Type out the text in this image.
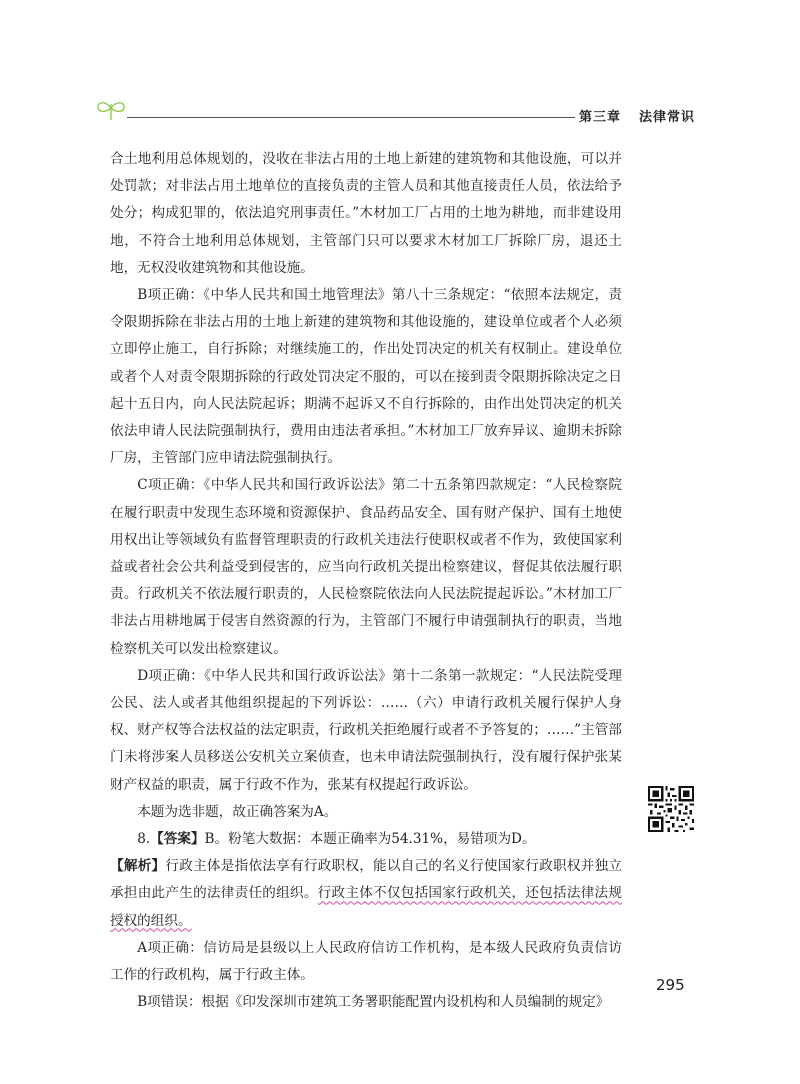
第三章 法律常识

合土地利用总体规划的，没收在非法占用的土地上新建的建筑物和其他设施，可以并处罚款；对非法占用土地单位的直接负责的主管人员和其他直接责任人员，依法给予处分；构成犯罪的，依法追究刑事责任。”木材加工厂占用的土地为耕地，而非建设用地，不符合土地利用总体规划，主管部门只可以要求木材加工厂拆除厂房，退还土地，无权没收建筑物和其他设施。

B项正确：《中华人民共和国土地管理法》第八十三条规定：“依照本法规定，责令限期拆除在非法占用的土地上新建的建筑物和其他设施的，建设单位或者个人必须立即停止施工，自行拆除；对继续施工的，作出处罚决定的机关有权制止。建设单位或者个人对责令限期拆除的行政处罚决定不服的，可以在接到责令限期拆除决定之日起十五日内，向人民法院起诉；期满不起诉又不自行拆除的，由作出处罚决定的机关依法申请人民法院强制执行，费用由违法者承担。”木材加工厂放弃异议、逾期未拆除厂房，主管部门应申请法院强制执行。

C项正确：《中华人民共和国行政诉讼法》第二十五条第四款规定：“人民检察院在履行职责中发现生态环境和资源保护、食品药品安全、国有财产保护、国有土地使用权出让等领域负有监督管理职责的行政机关违法行使职权或者不作为，致使国家利益或者社会公共利益受到侵害的，应当向行政机关提出检察建议，督促其依法履行职责。行政机关不依法履行职责的，人民检察院依法向人民法院提起诉讼。”木材加工厂非法占用耕地属于侵害自然资源的行为，主管部门不履行申请强制执行的职责，当地检察机关可以发出检察建议。

D项正确：《中华人民共和国行政诉讼法》第十二条第一款规定：“人民法院受理公民、法人或者其他组织提起的下列诉讼：……（六）申请行政机关履行保护人身权、财产权等合法权益的法定职责，行政机关拒绝履行或者不予答复的；……”主管部门未将涉案人员移送公安机关立案侦查，也未申请法院强制执行，没有履行保护张某财产权益的职责，属于行政不作为，张某有权提起行政诉讼。

本题为选非题，故正确答案为A。

8.【答案】B。粉笔大数据：本题正确率为54.31%，易错项为D。

【解析】行政主体是指依法享有行政职权，能以自己的名义行使国家行政职权并独立承担由此产生的法律责任的组织。行政主体不仅包括国家行政机关，还包括法律法规授权的组织。

A项正确：信访局是县级以上人民政府信访工作机构，是本级人民政府负责信访工作的行政机构，属于行政主体。

B项错误：根据《印发深圳市建筑工务署职能配置内设机构和人员编制的规定》

295
